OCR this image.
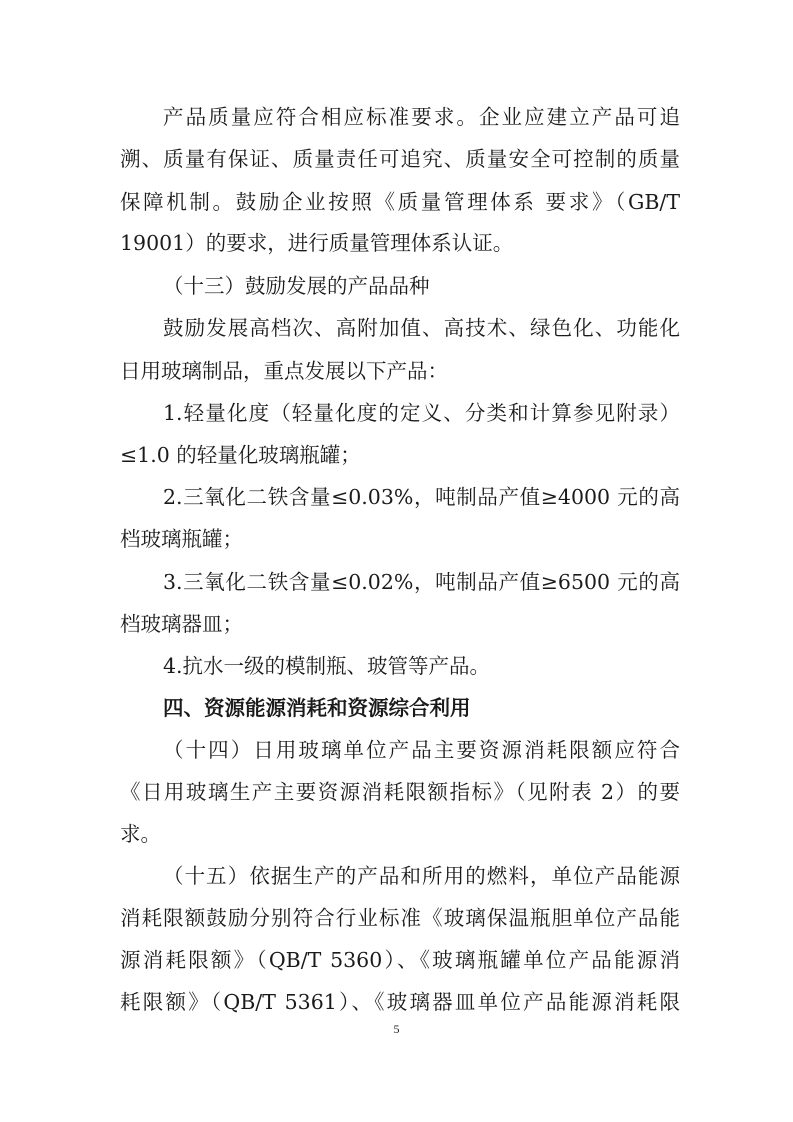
产品质量应符合相应标准要求。企业应建立产品可追
溯、质量有保证、质量责任可追究、质量安全可控制的质量
保障机制。鼓励企业按照《质量管理体系 要求》（GB/T
19001）的要求，进行质量管理体系认证。
（十三）鼓励发展的产品品种
鼓励发展高档次、高附加值、高技术、绿色化、功能化
日用玻璃制品，重点发展以下产品：
1.轻量化度（轻量化度的定义、分类和计算参见附录）
≤1.0 的轻量化玻璃瓶罐；
2.三氧化二铁含量≤0.03%，吨制品产值≥4000 元的高
档玻璃瓶罐；
3.三氧化二铁含量≤0.02%，吨制品产值≥6500 元的高
档玻璃器皿；
4.抗水一级的模制瓶、玻管等产品。
四、资源能源消耗和资源综合利用
（十四）日用玻璃单位产品主要资源消耗限额应符合
《日用玻璃生产主要资源消耗限额指标》（见附表 2）的要
求。
（十五）依据生产的产品和所用的燃料，单位产品能源
消耗限额鼓励分别符合行业标准《玻璃保温瓶胆单位产品能
源消耗限额》（QB/T 5360）、《玻璃瓶罐单位产品能源消
耗限额》（QB/T 5361）、《玻璃器皿单位产品能源消耗限
5
